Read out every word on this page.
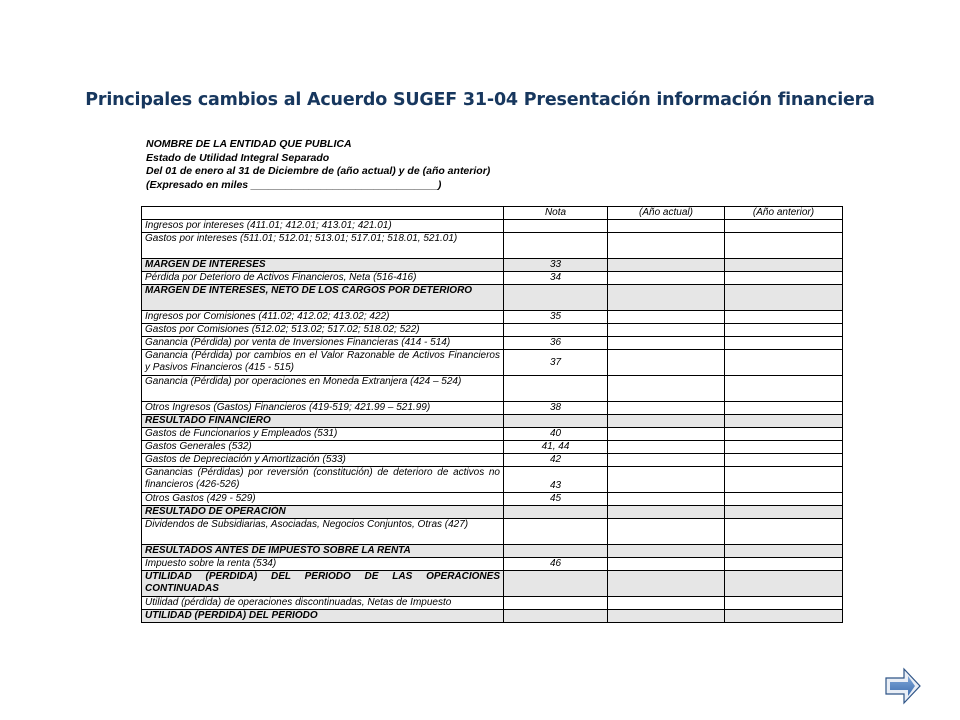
Principales cambios al Acuerdo SUGEF 31-04 Presentación información financiera
NOMBRE DE LA ENTIDAD QUE PUBLICA
Estado de Utilidad Integral Separado
Del 01 de enero al 31 de Diciembre de (año actual) y de (año anterior)
(Expresado en miles ________________________________)
	Nota	(Año actual)	(Año anterior)
Ingresos por intereses (411.01; 412.01; 413.01; 421.01)			
Gastos por intereses (511.01; 512.01; 513.01; 517.01; 518.01, 521.01)			
MARGEN DE INTERESES	33		
Pérdida por Deterioro de Activos Financieros, Neta (516-416)	34		
MARGEN DE INTERESES, NETO DE LOS CARGOS POR DETERIORO			
Ingresos por Comisiones (411.02; 412.02; 413.02; 422)	35		
Gastos por Comisiones (512.02; 513.02; 517.02; 518.02; 522)			
Ganancia (Pérdida) por venta de Inversiones Financieras (414 - 514)	36		
Ganancia (Pérdida) por cambios en el Valor Razonable de Activos Financieros y Pasivos Financieros (415 - 515)	37		
Ganancia (Pérdida) por operaciones en Moneda Extranjera (424 – 524)			
Otros Ingresos (Gastos) Financieros (419-519; 421.99 – 521.99)	38		
RESULTADO FINANCIERO			
Gastos de Funcionarios y Empleados (531)	40		
Gastos Generales (532)	41, 44		
Gastos de Depreciación y Amortización (533)	42		
Ganancias (Pérdidas) por reversión (constitución) de deterioro de activos no financieros (426-526)	43		
Otros Gastos (429 - 529)	45		
RESULTADO DE OPERACIÓN			
Dividendos de Subsidiarias, Asociadas, Negocios Conjuntos, Otras (427)			
RESULTADOS ANTES DE IMPUESTO SOBRE LA RENTA			
Impuesto sobre la renta (534)	46		
UTILIDAD (PERDIDA) DEL PERIODO DE LAS OPERACIONES CONTINUADAS			
Utilidad (pérdida) de operaciones discontinuadas, Netas de Impuesto			
UTILIDAD (PERDIDA) DEL PERIODO			
